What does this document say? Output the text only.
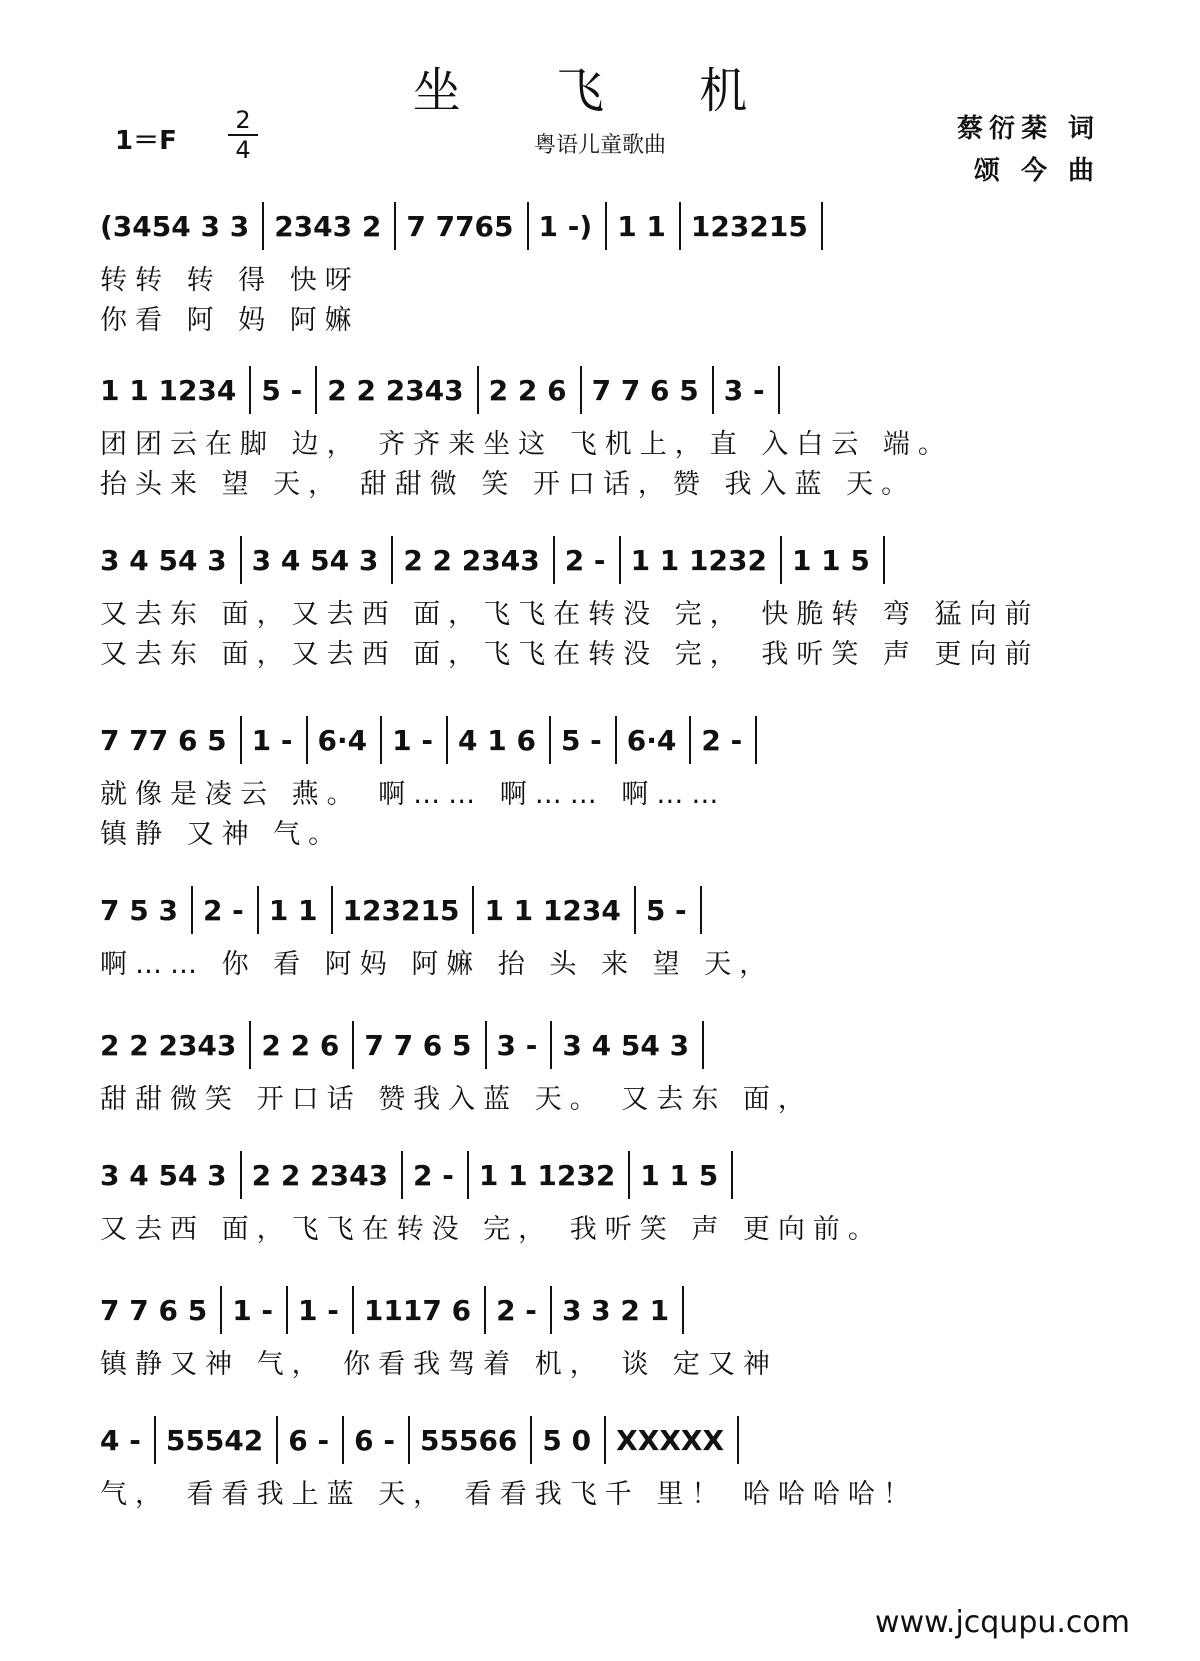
坐 飞 机
粤语儿童歌曲
$1=F \frac{2}{4}$	蔡衍棻 词
颂 今 曲
(3454 3 3 2343 2 7 7765 1 -) 1 1 123215
转转 转 得 快呀
你看 阿 妈 阿嫲
1 1 1234 5 - 2 2 2343 2 2 6 7 7 6 5 3 -
团团云在脚 边， 齐齐来坐这 飞机上，直 入白云 端。
抬头来 望 天， 甜甜微 笑 开口话，赞 我入蓝 天。
3 4 54 3 3 4 54 3 2 2 2343 2 - 1 1 1232 1 1 5
又去东 面，又去西 面，飞飞在转没 完， 快脆转 弯 猛向前
又去东 面，又去西 面，飞飞在转没 完， 我听笑 声 更向前
7 77 6 5 1 - 6·4 1 - 4 1 6 5 - 6·4 2 -
就像是凌云 燕。 啊…… 啊…… 啊……
镇静 又神 气。
7 5 3 2 - 1 1 123215 1 1 1234 5 -
啊…… 你 看 阿妈 阿嫲 抬 头 来 望 天，
2 2 2343 2 2 6 7 7 6 5 3 - 3 4 54 3
甜甜微笑 开口话 赞我入蓝 天。 又去东 面，
3 4 54 3 2 2 2343 2 - 1 1 1232 1 1 5
又去西 面，飞飞在转没 完， 我听笑 声 更向前。
7 7 6 5 1 - 1 - 1117 6 2 - 3 3 2 1
镇静又神 气， 你看我驾着 机， 谈 定又神
4 - 55542 6 - 6 - 55566 5 0 XXXXX
气， 看看我上蓝 天， 看看我飞千 里！ 哈哈哈哈！
www.jcqupu.com
